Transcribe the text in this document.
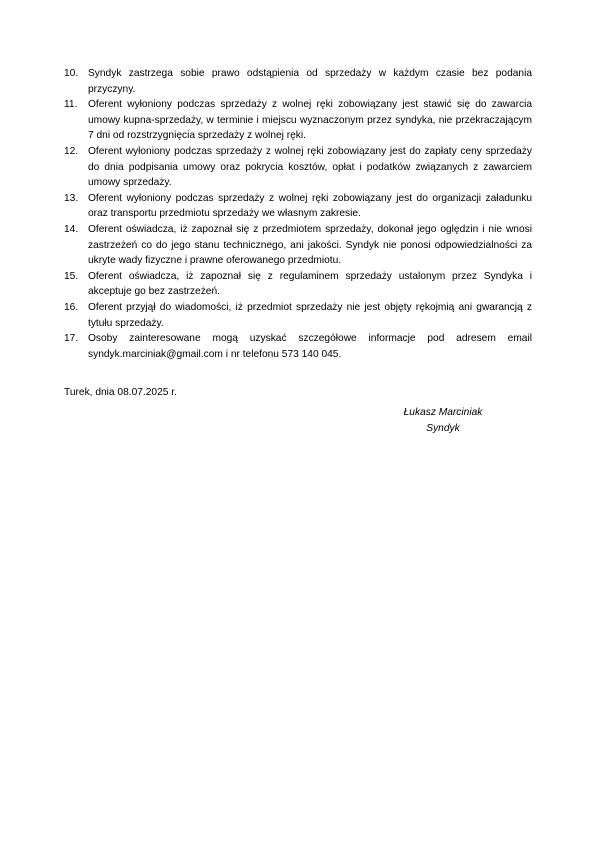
10. Syndyk zastrzega sobie prawo odstąpienia od sprzedaży w każdym czasie bez podania przyczyny.
11.	Oferent wyłoniony podczas sprzedaży z wolnej ręki zobowiązany jest stawić się do zawarcia umowy kupna-sprzedaży, w terminie i miejscu wyznaczonym przez syndyka, nie przekraczającym 7 dni od rozstrzygnięcia sprzedaży z wolnej ręki.
12. Oferent wyłoniony podczas sprzedaży z wolnej ręki zobowiązany jest do zapłaty ceny sprzedaży do dnia podpisania umowy oraz pokrycia kosztów, opłat i podatków związanych z zawarciem umowy sprzedaży.
13. Oferent wyłoniony podczas sprzedaży z wolnej ręki zobowiązany jest do organizacji załadunku oraz transportu przedmiotu sprzedaży we własnym zakresie.
14. Oferent oświadcza, iż zapoznał się z przedmiotem sprzedaży, dokonał jego oględzin i nie wnosi zastrzeżeń co do jego stanu technicznego, ani jakości. Syndyk nie ponosi odpowiedzialności za ukryte wady fizyczne i prawne oferowanego przedmiotu.
15. Oferent oświadcza, iż zapoznał się z regulaminem sprzedaży ustalonym przez Syndyka i akceptuje go bez zastrzeżeń.
16. Oferent przyjął do wiadomości, iż przedmiot sprzedaży nie jest objęty rękojmią ani gwarancją z tytułu sprzedaży.
17. Osoby zainteresowane mogą uzyskać szczegółowe informacje pod adresem email syndyk.marciniak@gmail.com i nr telefonu 573 140 045.

Turek, dnia 08.07.2025 r.

Łukasz Marciniak
Syndyk
